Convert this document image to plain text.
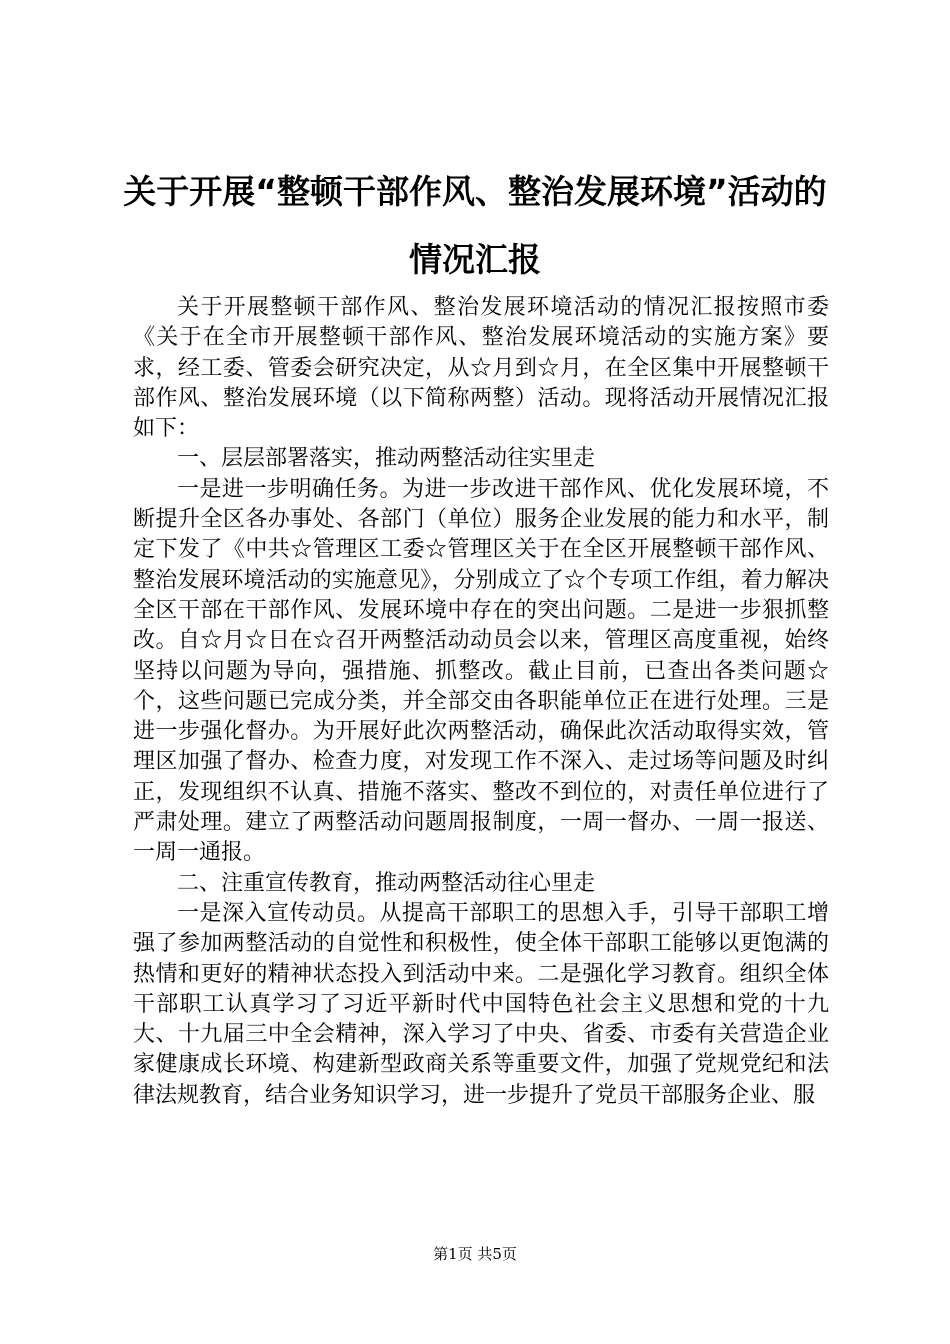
关于开展“整顿干部作风、整治发展环境”活动的情况汇报

关于开展整顿干部作风、整治发展环境活动的情况汇报按照市委《关于在全市开展整顿干部作风、整治发展环境活动的实施方案》要求，经工委、管委会研究决定，从☆月到☆月，在全区集中开展整顿干部作风、整治发展环境（以下简称两整）活动。现将活动开展情况汇报如下：

一、层层部署落实，推动两整活动往实里走

一是进一步明确任务。为进一步改进干部作风、优化发展环境，不断提升全区各办事处、各部门（单位）服务企业发展的能力和水平，制定下发了《中共☆管理区工委☆管理区关于在全区开展整顿干部作风、整治发展环境活动的实施意见》，分别成立了☆个专项工作组，着力解决全区干部在干部作风、发展环境中存在的突出问题。二是进一步狠抓整改。自☆月☆日在☆召开两整活动动员会以来，管理区高度重视，始终坚持以问题为导向，强措施、抓整改。截止目前，已查出各类问题☆个，这些问题已完成分类，并全部交由各职能单位正在进行处理。三是进一步强化督办。为开展好此次两整活动，确保此次活动取得实效，管理区加强了督办、检查力度，对发现工作不深入、走过场等问题及时纠正，发现组织不认真、措施不落实、整改不到位的，对责任单位进行了严肃处理。建立了两整活动问题周报制度，一周一督办、一周一报送、一周一通报。

二、注重宣传教育，推动两整活动往心里走

一是深入宣传动员。从提高干部职工的思想入手，引导干部职工增强了参加两整活动的自觉性和积极性，使全体干部职工能够以更饱满的热情和更好的精神状态投入到活动中来。二是强化学习教育。组织全体干部职工认真学习了习近平新时代中国特色社会主义思想和党的十九大、十九届三中全会精神，深入学习了中央、省委、市委有关营造企业家健康成长环境、构建新型政商关系等重要文件，加强了党规党纪和法律法规教育，结合业务知识学习，进一步提升了党员干部服务企业、服

第1页 共5页
